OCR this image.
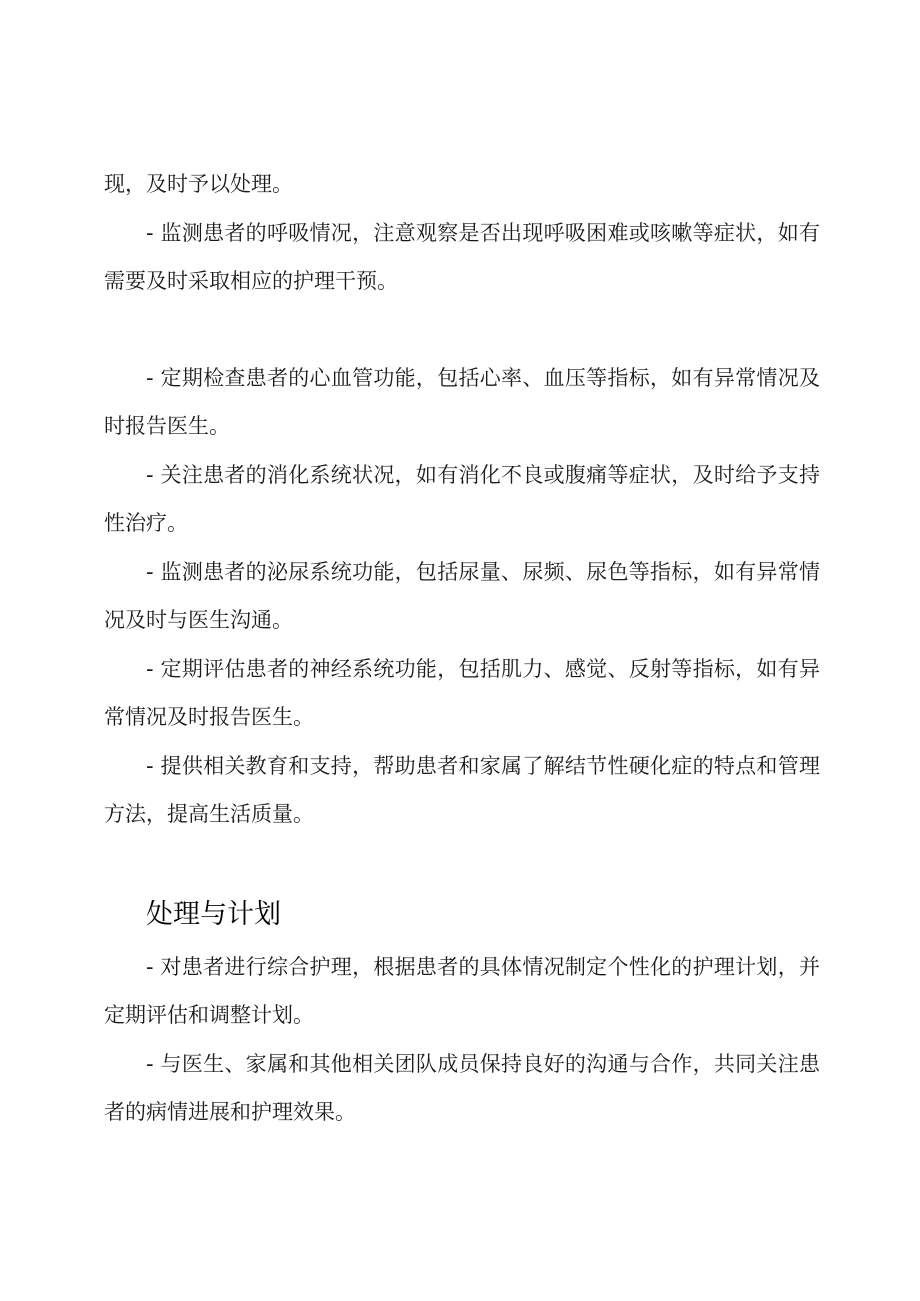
现，及时予以处理。

- 监测患者的呼吸情况，注意观察是否出现呼吸困难或咳嗽等症状，如有需要及时采取相应的护理干预。

- 定期检查患者的心血管功能，包括心率、血压等指标，如有异常情况及时报告医生。

- 关注患者的消化系统状况，如有消化不良或腹痛等症状，及时给予支持性治疗。

- 监测患者的泌尿系统功能，包括尿量、尿频、尿色等指标，如有异常情况及时与医生沟通。

- 定期评估患者的神经系统功能，包括肌力、感觉、反射等指标，如有异常情况及时报告医生。

- 提供相关教育和支持，帮助患者和家属了解结节性硬化症的特点和管理方法，提高生活质量。

处理与计划

- 对患者进行综合护理，根据患者的具体情况制定个性化的护理计划，并定期评估和调整计划。

- 与医生、家属和其他相关团队成员保持良好的沟通与合作，共同关注患者的病情进展和护理效果。
